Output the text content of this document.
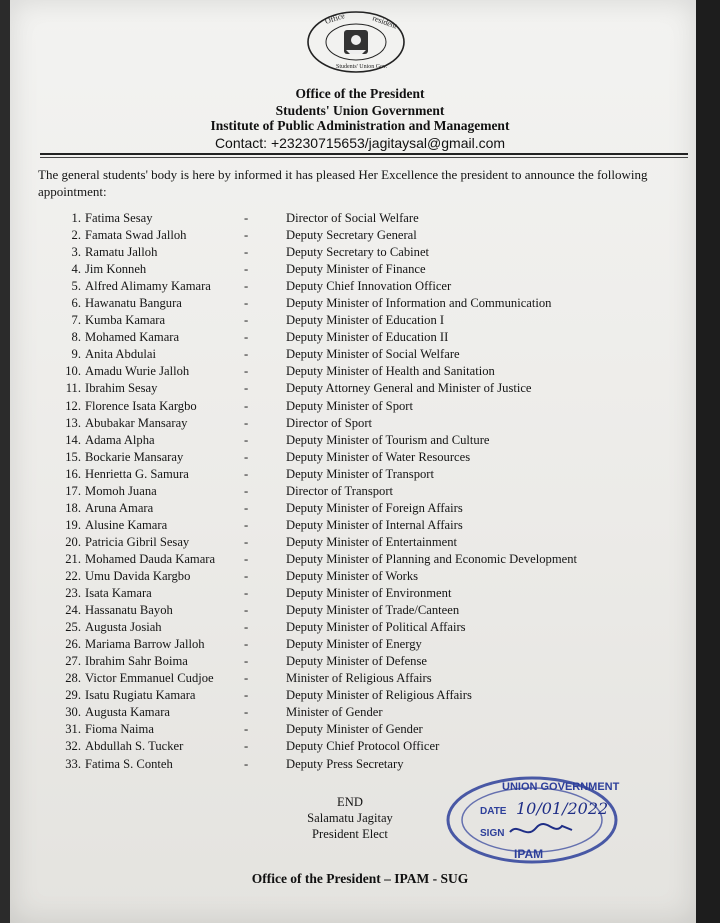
Office	resident
Students' Union Gov.
Office of the President
Students' Union Government
Institute of Public Administration and Management
Contact: +23230715653/jagitaysal@gmail.com
The general students' body is here by informed it has pleased Her Excellence the president to announce the following appointment:
1. Fatima Sesay	-	Director of Social Welfare
2. Famata Swad Jalloh	-	Deputy Secretary General
3. Ramatu Jalloh	-	Deputy Secretary to Cabinet
4. Jim Konneh	-	Deputy Minister of Finance
5. Alfred Alimamy Kamara	-	Deputy Chief Innovation Officer
6. Hawanatu Bangura	-	Deputy Minister of Information and Communication
7. Kumba Kamara	-	Deputy Minister of Education I
8. Mohamed Kamara	-	Deputy Minister of Education II
9. Anita Abdulai	-	Deputy Minister of Social Welfare
10. Amadu Wurie Jalloh	-	Deputy Minister of Health and Sanitation
11. Ibrahim Sesay	-	Deputy Attorney General and Minister of Justice
12. Florence Isata Kargbo	-	Deputy Minister of Sport
13. Abubakar Mansaray	-	Director of Sport
14. Adama Alpha	-	Deputy Minister of Tourism and Culture
15. Bockarie Mansaray	-	Deputy Minister of Water Resources
16. Henrietta G. Samura	-	Deputy Minister of Transport
17. Momoh Juana	-	Director of Transport
18. Aruna Amara	-	Deputy Minister of Foreign Affairs
19. Alusine Kamara	-	Deputy Minister of Internal Affairs
20. Patricia Gibril Sesay	-	Deputy Minister of Entertainment
21. Mohamed Dauda Kamara -	Deputy Minister of Planning and Economic Development
22. Umu Davida Kargbo	-	Deputy Minister of Works
23. Isata Kamara	-	Deputy Minister of Environment
24. Hassanatu Bayoh	-	Deputy Minister of Trade/Canteen
25. Augusta Josiah	-	Deputy Minister of Political Affairs
26. Mariama Barrow Jalloh	-	Deputy Minister of Energy
27. Ibrahim Sahr Boima	-	Deputy Minister of Defense
28. Victor Emmanuel Cudjoe -	Minister of Religious Affairs
29. Isatu Rugiatu Kamara	-	Deputy Minister of Religious Affairs
30. Augusta Kamara	-	Minister of Gender
31. Fioma Naima	-	Deputy Minister of Gender
32. Abdullah S. Tucker	-	Deputy Chief Protocol Officer
33. Fatima S. Conteh	-	Deputy Press Secretary
END
Salamatu Jagitay
President Elect
UNION GOVERNMENT
DATE 10/01/2022
SIGN
IPAM
Office of the President – IPAM - SUG
